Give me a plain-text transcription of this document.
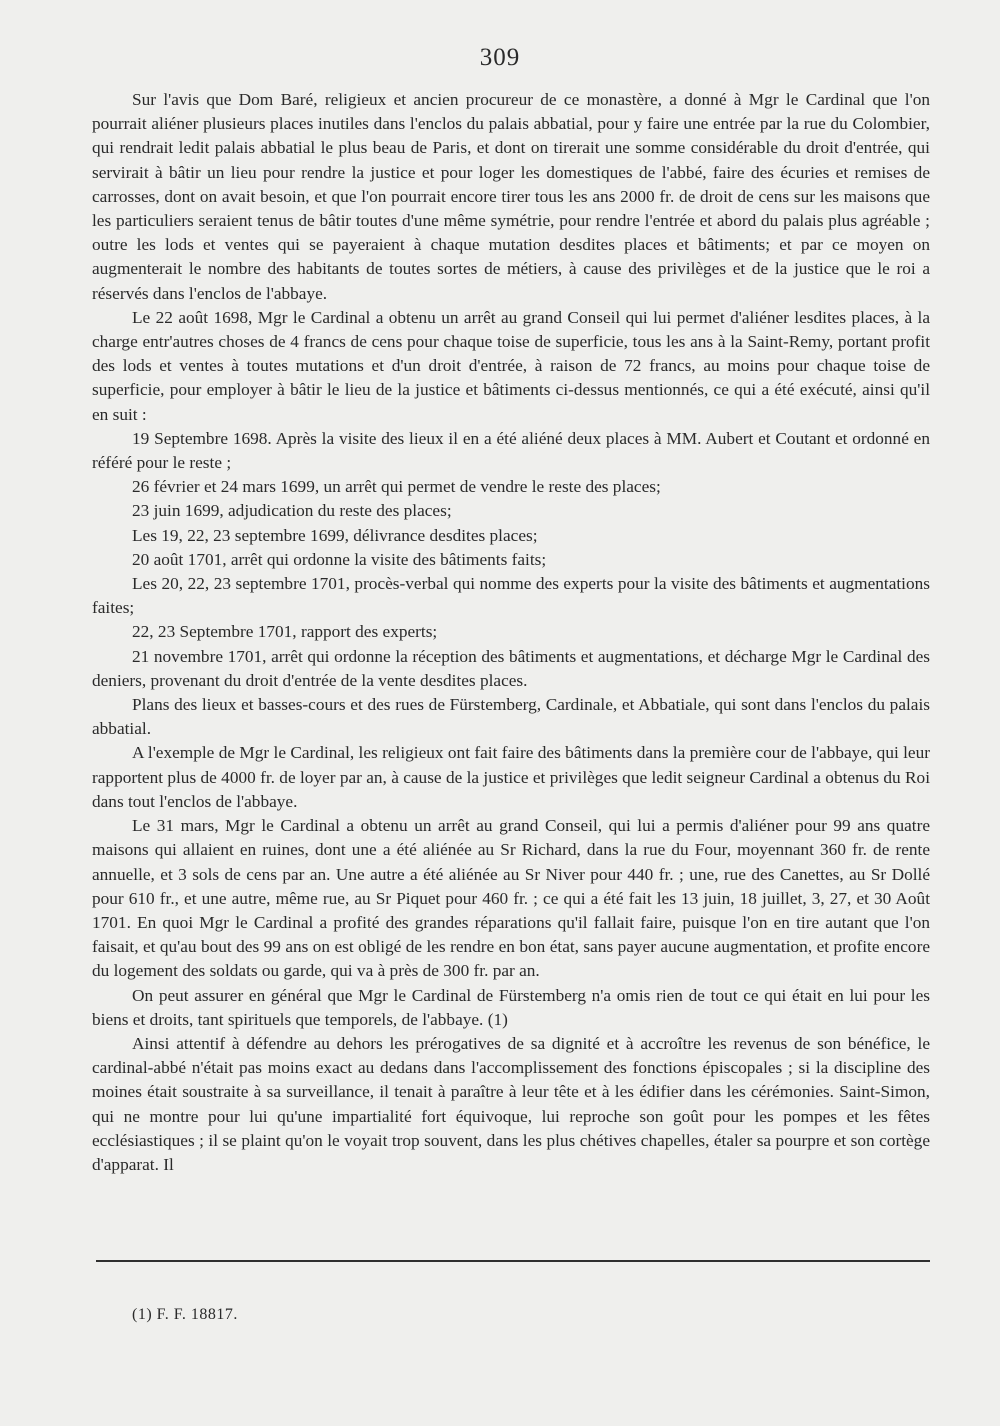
309

Sur l'avis que Dom Baré, religieux et ancien procureur de ce monastère, a donné à Mgr le Cardinal que l'on pourrait aliéner plusieurs places inutiles dans l'enclos du palais abbatial, pour y faire une entrée par la rue du Colombier, qui rendrait ledit palais abbatial le plus beau de Paris, et dont on tirerait une somme considérable du droit d'entrée, qui servirait à bâtir un lieu pour rendre la justice et pour loger les domestiques de l'abbé, faire des écuries et remises de carrosses, dont on avait besoin, et que l'on pourrait encore tirer tous les ans 2000 fr. de droit de cens sur les maisons que les particuliers seraient tenus de bâtir toutes d'une même symétrie, pour rendre l'entrée et abord du palais plus agréable ; outre les lods et ventes qui se payeraient à chaque mutation desdites places et bâtiments; et par ce moyen on augmenterait le nombre des habitants de toutes sortes de métiers, à cause des privilèges et de la justice que le roi a réservés dans l'enclos de l'abbaye.

Le 22 août 1698, Mgr le Cardinal a obtenu un arrêt au grand Conseil qui lui permet d'aliéner lesdites places, à la charge entr'autres choses de 4 francs de cens pour chaque toise de superficie, tous les ans à la Saint-Remy, portant profit des lods et ventes à toutes mutations et d'un droit d'entrée, à raison de 72 francs, au moins pour chaque toise de superficie, pour employer à bâtir le lieu de la justice et bâtiments ci-dessus mentionnés, ce qui a été exécuté, ainsi qu'il en suit :

19 Septembre 1698. Après la visite des lieux il en a été aliéné deux places à MM. Aubert et Coutant et ordonné en référé pour le reste ;

26 février et 24 mars 1699, un arrêt qui permet de vendre le reste des places;

23 juin 1699, adjudication du reste des places;

Les 19, 22, 23 septembre 1699, délivrance desdites places;

20 août 1701, arrêt qui ordonne la visite des bâtiments faits;

Les 20, 22, 23 septembre 1701, procès-verbal qui nomme des experts pour la visite des bâtiments et augmentations faites;

22, 23 Septembre 1701, rapport des experts;

21 novembre 1701, arrêt qui ordonne la réception des bâtiments et augmentations, et décharge Mgr le Cardinal des deniers, provenant du droit d'entrée de la vente desdites places.

Plans des lieux et basses-cours et des rues de Fürstemberg, Cardinale, et Abbatiale, qui sont dans l'enclos du palais abbatial.

A l'exemple de Mgr le Cardinal, les religieux ont fait faire des bâtiments dans la première cour de l'abbaye, qui leur rapportent plus de 4000 fr. de loyer par an, à cause de la justice et privilèges que ledit seigneur Cardinal a obtenus du Roi dans tout l'enclos de l'abbaye.

Le 31 mars, Mgr le Cardinal a obtenu un arrêt au grand Conseil, qui lui a permis d'aliéner pour 99 ans quatre maisons qui allaient en ruines, dont une a été aliénée au Sr Richard, dans la rue du Four, moyennant 360 fr. de rente annuelle, et 3 sols de cens par an. Une autre a été aliénée au Sr Niver pour 440 fr. ; une, rue des Canettes, au Sr Dollé pour 610 fr., et une autre, même rue, au Sr Piquet pour 460 fr. ; ce qui a été fait les 13 juin, 18 juillet, 3, 27, et 30 Août 1701. En quoi Mgr le Cardinal a profité des grandes réparations qu'il fallait faire, puisque l'on en tire autant que l'on faisait, et qu'au bout des 99 ans on est obligé de les rendre en bon état, sans payer aucune augmentation, et profite encore du logement des soldats ou garde, qui va à près de 300 fr. par an.

On peut assurer en général que Mgr le Cardinal de Fürstemberg n'a omis rien de tout ce qui était en lui pour les biens et droits, tant spirituels que temporels, de l'abbaye. (1)

Ainsi attentif à défendre au dehors les prérogatives de sa dignité et à accroître les revenus de son bénéfice, le cardinal-abbé n'était pas moins exact au dedans dans l'accomplissement des fonctions épiscopales ; si la discipline des moines était soustraite à sa surveillance, il tenait à paraître à leur tête et à les édifier dans les cérémonies. Saint-Simon, qui ne montre pour lui qu'une impartialité fort équivoque, lui reproche son goût pour les pompes et les fêtes ecclésiastiques ; il se plaint qu'on le voyait trop souvent, dans les plus chétives chapelles, étaler sa pourpre et son cortège d'apparat. Il

(1) F. F. 18817.
